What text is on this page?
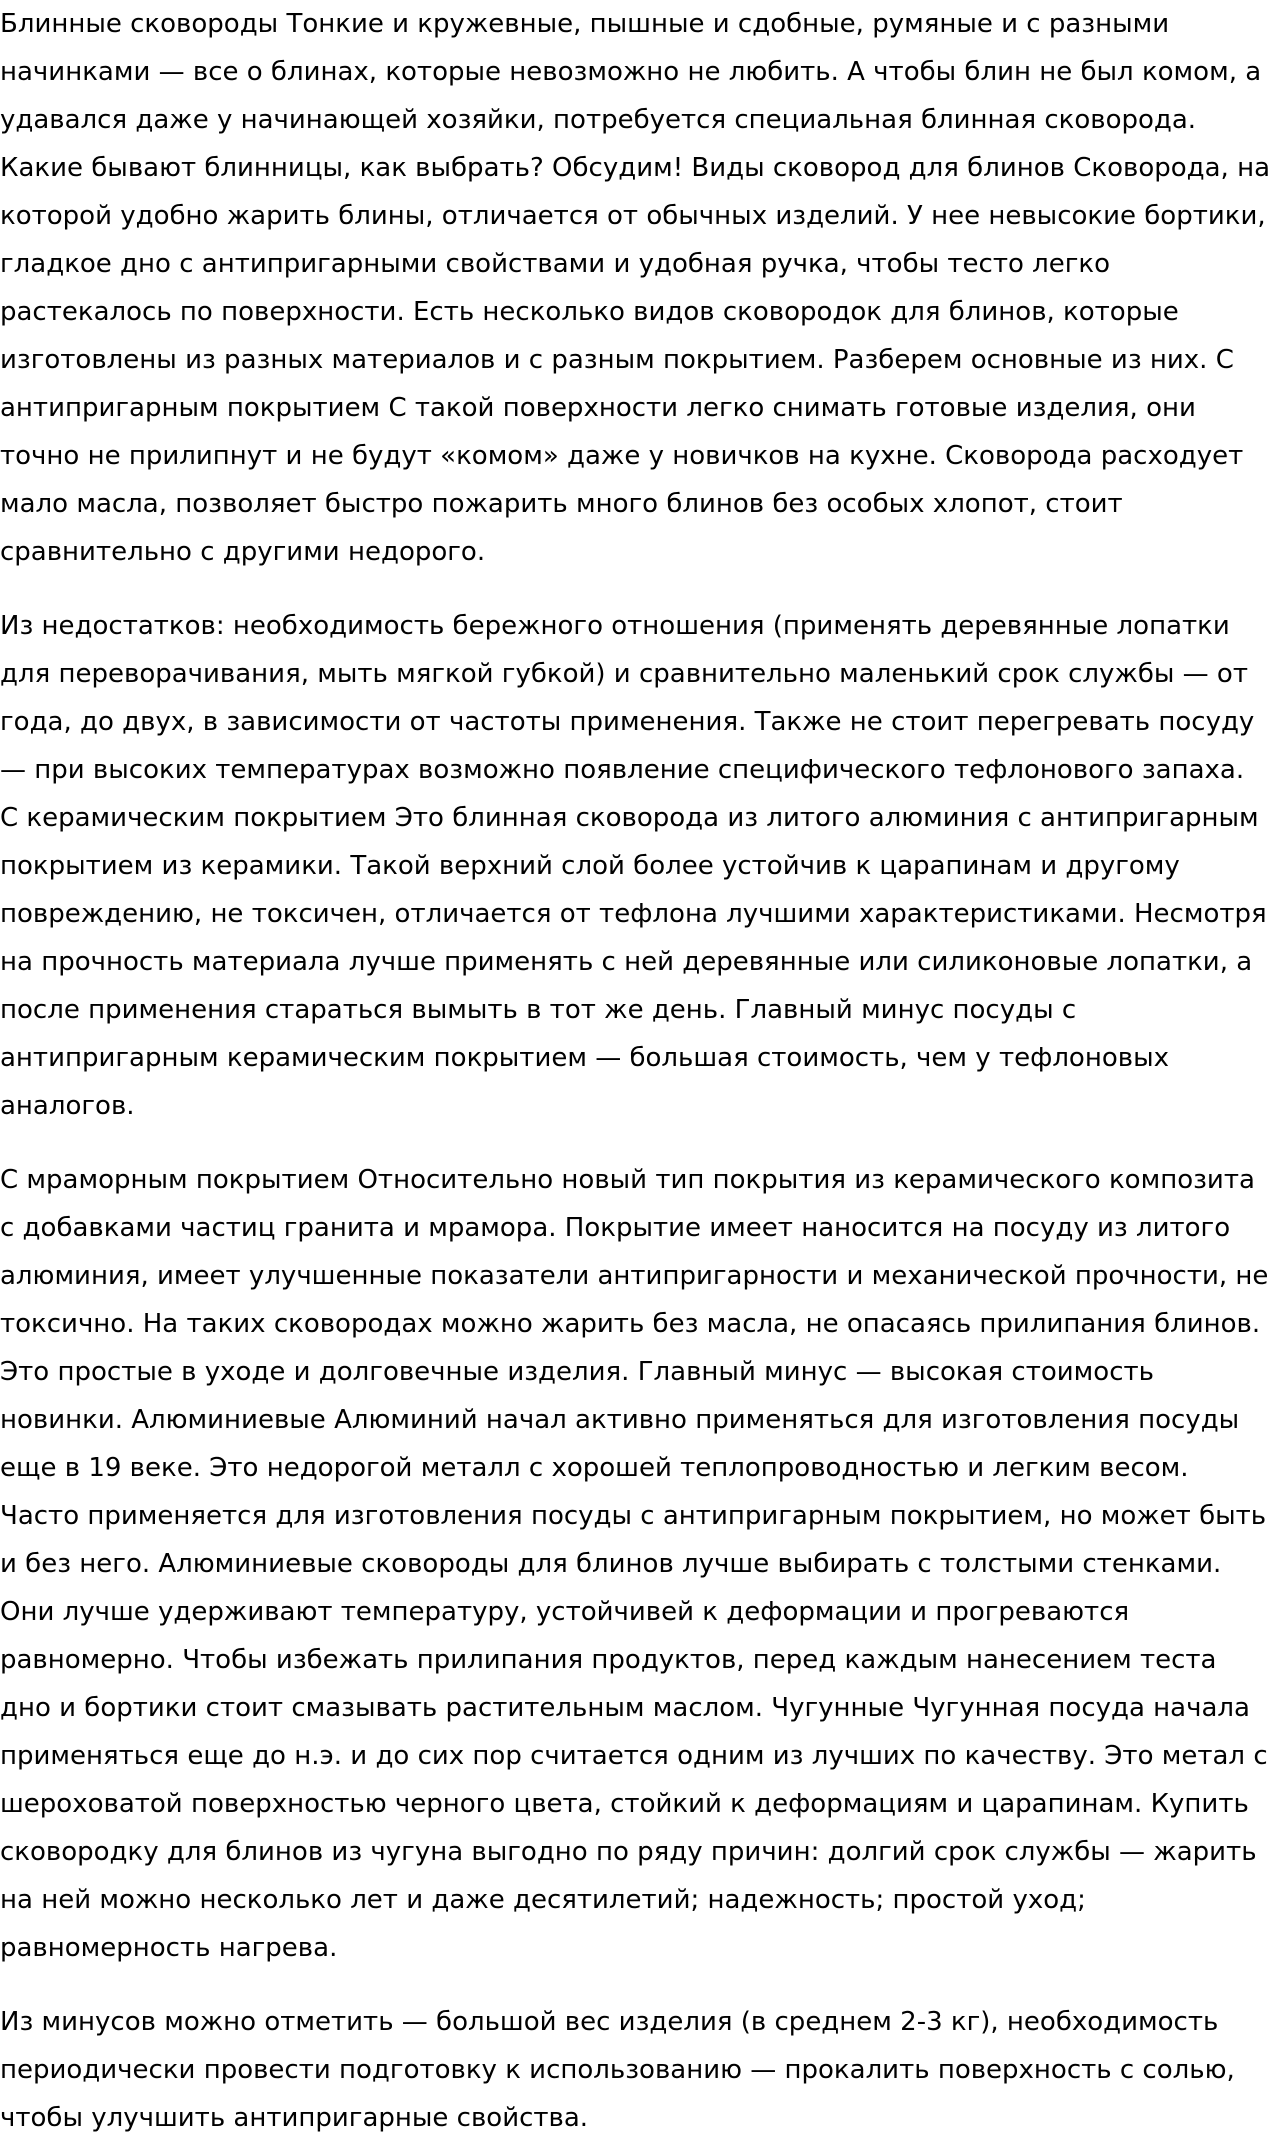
Блинные сковороды Тонкие и кружевные, пышные и сдобные, румяные и с разными начинками — все о блинах, которые невозможно не любить. А чтобы блин не был комом, а удавался даже у начинающей хозяйки, потребуется специальная блинная сковорода. Какие бывают блинницы, как выбрать? Обсудим! Виды сковород для блинов Сковорода, на которой удобно жарить блины, отличается от обычных изделий. У нее невысокие бортики, гладкое дно с антипригарными свойствами и удобная ручка, чтобы тесто легко растекалось по поверхности. Есть несколько видов сковородок для блинов, которые изготовлены из разных материалов и с разным покрытием. Разберем основные из них. С антипригарным покрытием С такой поверхности легко снимать готовые изделия, они точно не прилипнут и не будут «комом» даже у новичков на кухне. Сковорода расходует мало масла, позволяет быстро пожарить много блинов без особых хлопот, стоит сравнительно с другими недорого.

Из недостатков: необходимость бережного отношения (применять деревянные лопатки для переворачивания, мыть мягкой губкой) и сравнительно маленький срок службы — от года, до двух, в зависимости от частоты применения. Также не стоит перегревать посуду — при высоких температурах возможно появление специфического тефлонового запаха. С керамическим покрытием Это блинная сковорода из литого алюминия с антипригарным покрытием из керамики. Такой верхний слой более устойчив к царапинам и другому повреждению, не токсичен, отличается от тефлона лучшими характеристиками. Несмотря на прочность материала лучше применять с ней деревянные или силиконовые лопатки, а после применения стараться вымыть в тот же день. Главный минус посуды с антипригарным керамическим покрытием — большая стоимость, чем у тефлоновых аналогов.

С мраморным покрытием Относительно новый тип покрытия из керамического композита с добавками частиц гранита и мрамора. Покрытие имеет наносится на посуду из литого алюминия, имеет улучшенные показатели антипригарности и механической прочности, не токсично. На таких сковородах можно жарить без масла, не опасаясь прилипания блинов. Это простые в уходе и долговечные изделия. Главный минус — высокая стоимость новинки. Алюминиевые Алюминий начал активно применяться для изготовления посуды еще в 19 веке. Это недорогой металл с хорошей теплопроводностью и легким весом. Часто применяется для изготовления посуды с антипригарным покрытием, но может быть и без него. Алюминиевые сковороды для блинов лучше выбирать с толстыми стенками. Они лучше удерживают температуру, устойчивей к деформации и прогреваются равномерно. Чтобы избежать прилипания продуктов, перед каждым нанесением теста дно и бортики стоит смазывать растительным маслом. Чугунные Чугунная посуда начала применяться еще до н.э. и до сих пор считается одним из лучших по качеству. Это метал с шероховатой поверхностью черного цвета, стойкий к деформациям и царапинам. Купить сковородку для блинов из чугуна выгодно по ряду причин: долгий срок службы — жарить на ней можно несколько лет и даже десятилетий; надежность; простой уход; равномерность нагрева.

Из минусов можно отметить — большой вес изделия (в среднем 2-3 кг), необходимость периодически провести подготовку к использованию — прокалить поверхность с солью, чтобы улучшить антипригарные свойства.
